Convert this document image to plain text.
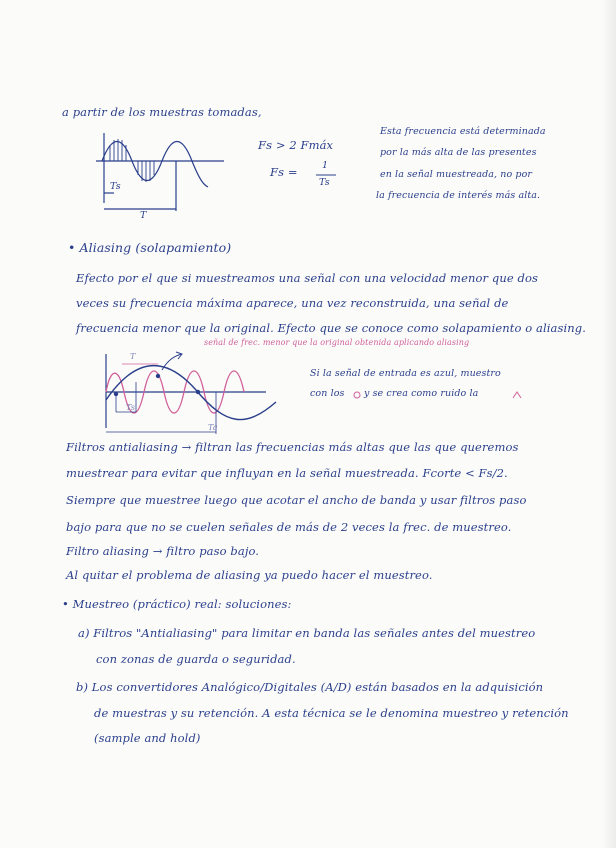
a partir de los muestras tomadas,
Ts
T
Fs > 2 Fmáx
Fs =	1
Ts
Esta frecuencia está determinada
por la más alta de las presentes
en la señal muestreada, no por
la frecuencia de interés más alta.
• Aliasing (solapamiento)
Efecto por el que si muestreamos una señal con una velocidad menor que dos
veces su frecuencia máxima aparece, una vez reconstruida, una señal de
frecuencia menor que la original. Efecto que se conoce como solapamiento o aliasing.
señal de frec. menor que la original obtenida aplicando aliasing
T
Ts
Ta
Si la señal de entrada es azul, muestro
con los y se crea como ruido la
Filtros antialiasing → filtran las frecuencias más altas que las que queremos
muestrear para evitar que influyan en la señal muestreada. Fcorte < Fs/2.
Siempre que muestree luego que acotar el ancho de banda y usar filtros paso
bajo para que no se cuelen señales de más de 2 veces la frec. de muestreo.
Filtro aliasing → filtro paso bajo.
Al quitar el problema de aliasing ya puedo hacer el muestreo.
• Muestreo (práctico) real: soluciones:
a) Filtros "Antialiasing" para limitar en banda las señales antes del muestreo
con zonas de guarda o seguridad.
b) Los convertidores Analógico/Digitales (A/D) están basados en la adquisición
de muestras y su retención. A esta técnica se le denomina muestreo y retención
(sample and hold)
